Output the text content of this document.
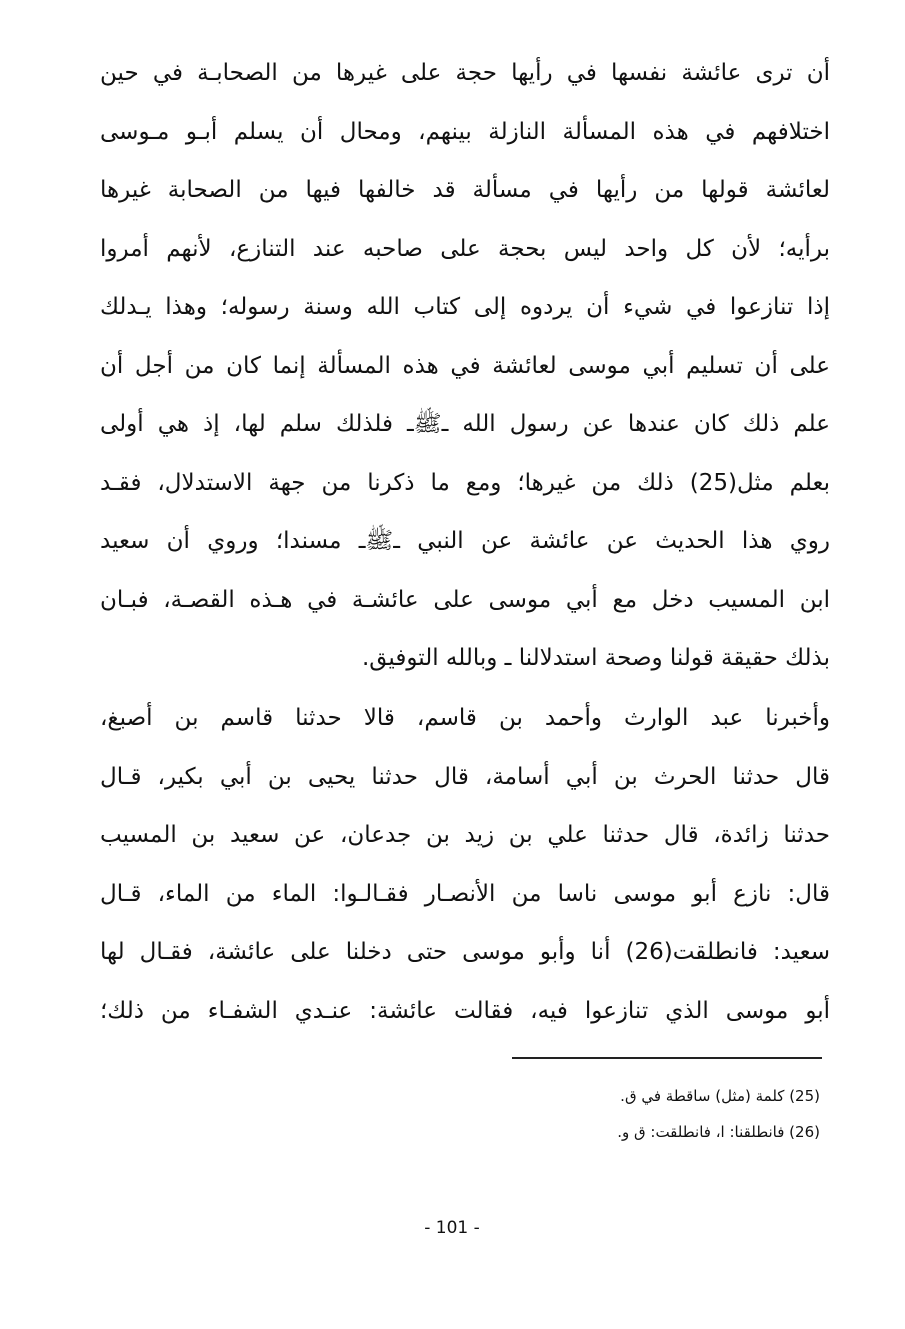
أن ترى عائشة نفسها في رأيها حجة على غيرها من الصحابـة في حين
اختلافهم في هذه المسألة النازلة بينهم، ومحال أن يسلم أبـو مـوسى
لعائشة قولها من رأيها في مسألة قد خالفها فيها من الصحابة غيرها
برأيه؛ لأن كل واحد ليس بحجة على صاحبه عند التنازع، لأنهم أمروا
إذا تنازعوا في شيء أن يردوه إلى كتاب الله وسنة رسوله؛ وهذا يـدلك
على أن تسليم أبي موسى لعائشة في هذه المسألة إنما كان من أجل أن
علم ذلك كان عندها عن رسول الله ـﷺـ فلذلك سلم لها، إذ هي أولى
بعلم مثل(25) ذلك من غيرها؛ ومع ما ذكرنا من جهة الاستدلال، فقـد
روي هذا الحديث عن عائشة عن النبي ـﷺـ مسندا؛ وروي أن سعيد
ابن المسيب دخل مع أبي موسى على عائشـة في هـذه القصـة، فبـان
بذلك حقيقة قولنا وصحة استدلالنا ـ وبالله التوفيق.
وأخبرنا عبد الوارث وأحمد بن قاسم، قالا حدثنا قاسم بن أصبغ،
قال حدثنا الحرث بن أبي أسامة، قال حدثنا يحيى بن أبي بكير، قـال
حدثنا زائدة، قال حدثنا علي بن زيد بن جدعان، عن سعيد بن المسيب
قال: نازع أبو موسى ناسا من الأنصـار فقـالـوا: الماء من الماء، قـال
سعيد: فانطلقت(26) أنا وأبو موسى حتى دخلنا على عائشة، فقـال لها
أبو موسى الذي تنازعوا فيه، فقالت عائشة: عنـدي الشفـاء من ذلك؛
(25) كلمة (مثل) ساقطة في ق.
(26) فانطلقنا: ا، فانطلقت: ق و.
- 101 -
